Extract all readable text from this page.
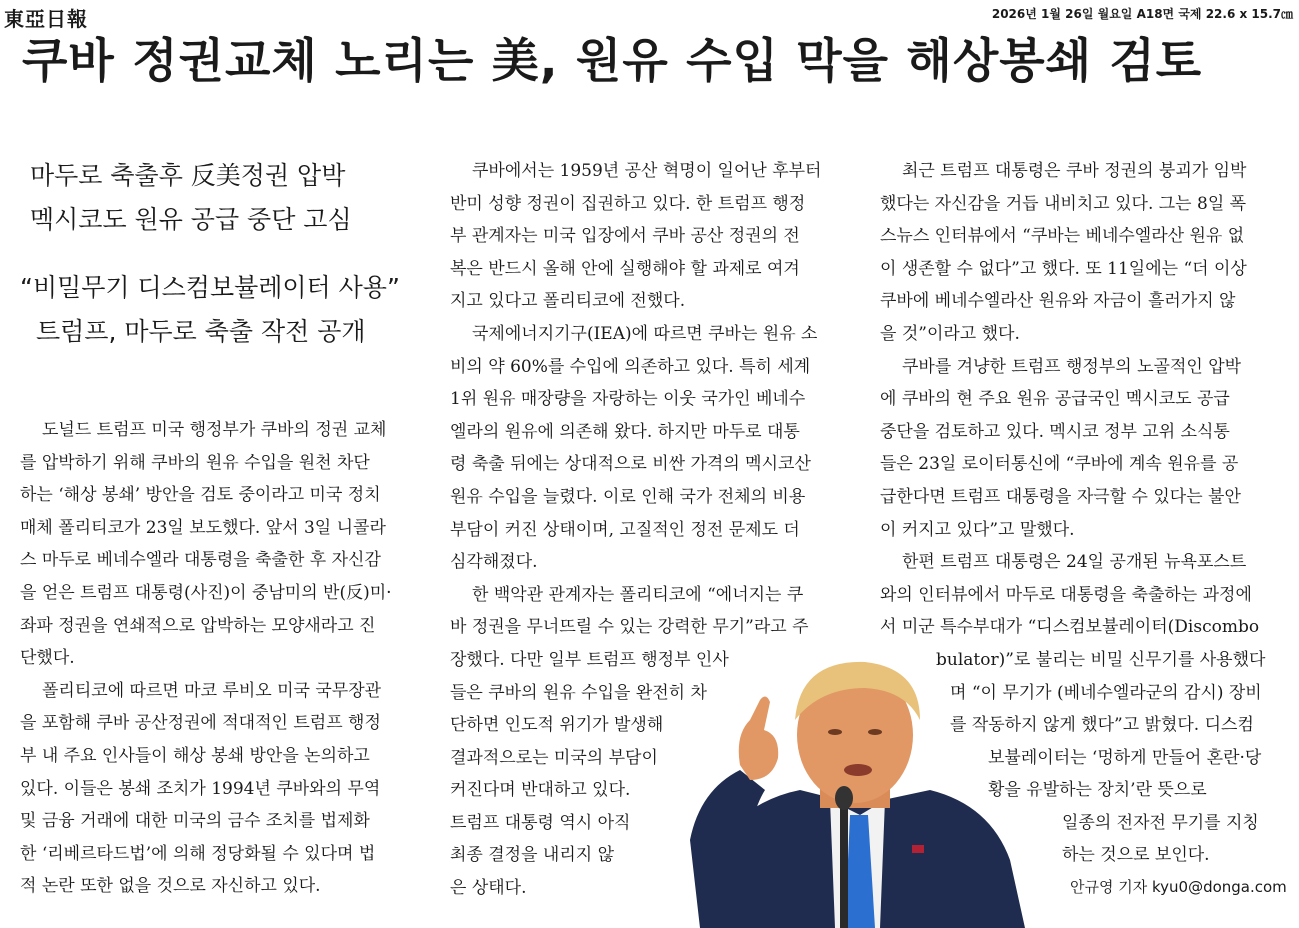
東亞日報	2026년 1월 26일 월요일 A18면 국제 22.6 x 15.7㎝
쿠바 정권교체 노리는 美, 원유 수입 막을 해상봉쇄 검토
마두로 축출후 反美정권 압박
멕시코도 원유 공급 중단 고심
“비밀무기 디스컴보뷸레이터 사용”
트럼프, 마두로 축출 작전 공개
도널드 트럼프 미국 행정부가 쿠바의 정권 교체
를 압박하기 위해 쿠바의 원유 수입을 원천 차단
하는 ‘해상 봉쇄’ 방안을 검토 중이라고 미국 정치
매체 폴리티코가 23일 보도했다. 앞서 3일 니콜라
스 마두로 베네수엘라 대통령을 축출한 후 자신감
을 얻은 트럼프 대통령(사진)이 중남미의 반(反)미·
좌파 정권을 연쇄적으로 압박하는 모양새라고 진
단했다.
폴리티코에 따르면 마코 루비오 미국 국무장관
을 포함해 쿠바 공산정권에 적대적인 트럼프 행정
부 내 주요 인사들이 해상 봉쇄 방안을 논의하고
있다. 이들은 봉쇄 조치가 1994년 쿠바와의 무역
및 금융 거래에 대한 미국의 금수 조치를 법제화
한 ‘리베르타드법’에 의해 정당화될 수 있다며 법
적 논란 또한 없을 것으로 자신하고 있다.
쿠바에서는 1959년 공산 혁명이 일어난 후부터
반미 성향 정권이 집권하고 있다. 한 트럼프 행정
부 관계자는 미국 입장에서 쿠바 공산 정권의 전
복은 반드시 올해 안에 실행해야 할 과제로 여겨
지고 있다고 폴리티코에 전했다.
국제에너지기구(IEA)에 따르면 쿠바는 원유 소
비의 약 60%를 수입에 의존하고 있다. 특히 세계
1위 원유 매장량을 자랑하는 이웃 국가인 베네수
엘라의 원유에 의존해 왔다. 하지만 마두로 대통
령 축출 뒤에는 상대적으로 비싼 가격의 멕시코산
원유 수입을 늘렸다. 이로 인해 국가 전체의 비용
부담이 커진 상태이며, 고질적인 정전 문제도 더
심각해졌다.
한 백악관 관계자는 폴리티코에 “에너지는 쿠
바 정권을 무너뜨릴 수 있는 강력한 무기”라고 주
장했다. 다만 일부 트럼프 행정부 인사
들은 쿠바의 원유 수입을 완전히 차
단하면 인도적 위기가 발생해
결과적으로는 미국의 부담이
커진다며 반대하고 있다.
트럼프 대통령 역시 아직
최종 결정을 내리지 않
은 상태다.
최근 트럼프 대통령은 쿠바 정권의 붕괴가 임박
했다는 자신감을 거듭 내비치고 있다. 그는 8일 폭
스뉴스 인터뷰에서 “쿠바는 베네수엘라산 원유 없
이 생존할 수 없다”고 했다. 또 11일에는 “더 이상
쿠바에 베네수엘라산 원유와 자금이 흘러가지 않
을 것”이라고 했다.
쿠바를 겨냥한 트럼프 행정부의 노골적인 압박
에 쿠바의 현 주요 원유 공급국인 멕시코도 공급
중단을 검토하고 있다. 멕시코 정부 고위 소식통
들은 23일 로이터통신에 “쿠바에 계속 원유를 공
급한다면 트럼프 대통령을 자극할 수 있다는 불안
이 커지고 있다”고 말했다.
한편 트럼프 대통령은 24일 공개된 뉴욕포스트
와의 인터뷰에서 마두로 대통령을 축출하는 과정에
서 미군 특수부대가 “디스컴보뷸레이터(Discombo
bulator)”로 불리는 비밀 신무기를 사용했다
며 “이 무기가 (베네수엘라군의 감시) 장비
를 작동하지 않게 했다”고 밝혔다. 디스컴
보뷸레이터는 ‘멍하게 만들어 혼란·당
황을 유발하는 장치’란 뜻으로
일종의 전자전 무기를 지칭
하는 것으로 보인다.
안규영 기자 kyu0@donga.com
